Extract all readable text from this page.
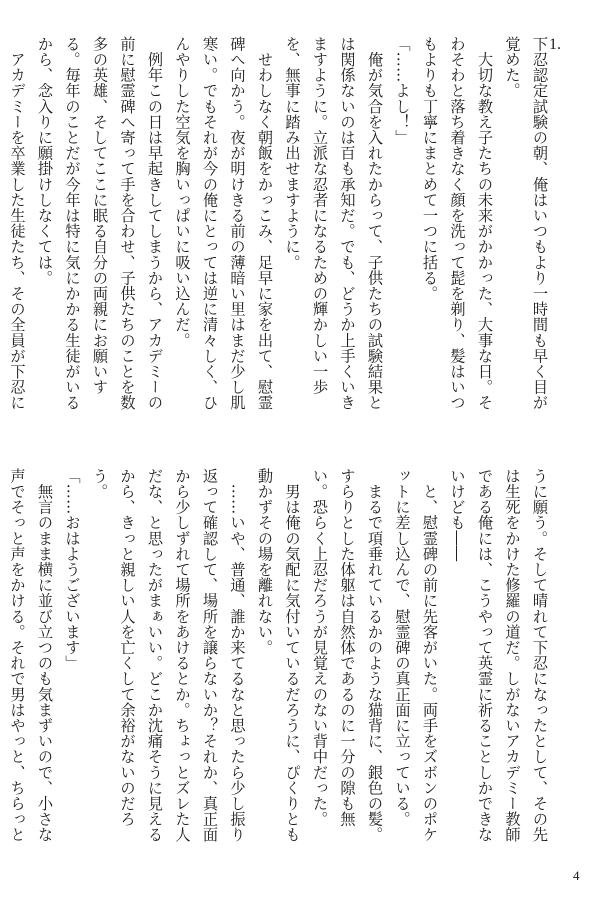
1.
下忍認定試験の朝、俺はいつもより一時間も早く目が覚めた。
　大切な教え子たちの未来がかかった、大事な日。そわそわと落ち着きなく顔を洗って髭を剃り、髪はいつもよりも丁寧にまとめて一つに括る。
「……よし！」
　俺が気合を入れたからって、子供たちの試験結果とは関係ないのは百も承知だ。でも、どうか上手くいきますように。立派な忍者になるための輝かしい一歩を、無事に踏み出せますように。
　せわしなく朝飯をかっこみ、足早に家を出て、慰霊碑へ向かう。夜が明けきる前の薄暗い里はまだ少し肌寒い。でもそれが今の俺にとっては逆に清々しく、ひんやりした空気を胸いっぱいに吸い込んだ。
　例年この日は早起きしてしまうから、アカデミーの前に慰霊碑へ寄って手を合わせ、子供たちのことを数多の英雄、そしてここに眠る自分の両親にお願いする。毎年のことだが今年は特に気にかかる生徒がいるから、念入りに願掛けしなくては。
　アカデミーを卒業した生徒たち、その全員が下忍に
うに願う。そして晴れて下忍になったとして、その先は生死をかけた修羅の道だ。しがないアカデミー教師である俺には、こうやって英霊に祈ることしかできないけども――
　と、慰霊碑の前に先客がいた。両手をズボンのポケットに差し込んで、慰霊碑の真正面に立っている。
　まるで項垂れているかのような猫背に、銀色の髪。すらりとした体躯は自然体であるのに一分の隙も無い。恐らく上忍だろうが見覚えのない背中だった。
　男は俺の気配に気付いているだろうに、ぴくりとも動かずその場を離れない。
　……いや、普通、誰か来てるなと思ったら少し振り返って確認して、場所を譲らないか？それか、真正面から少しずれて場所をあけるとか。ちょっとズレた人だな、と思ったがまぁいい。どこか沈痛そうに見えるから、きっと親しい人を亡くして余裕がないのだろう。
「……おはようございます」
　無言のまま横に並び立つのも気まずいので、小さな声でそっと声をかける。それで男はやっと、ちらっと

4
